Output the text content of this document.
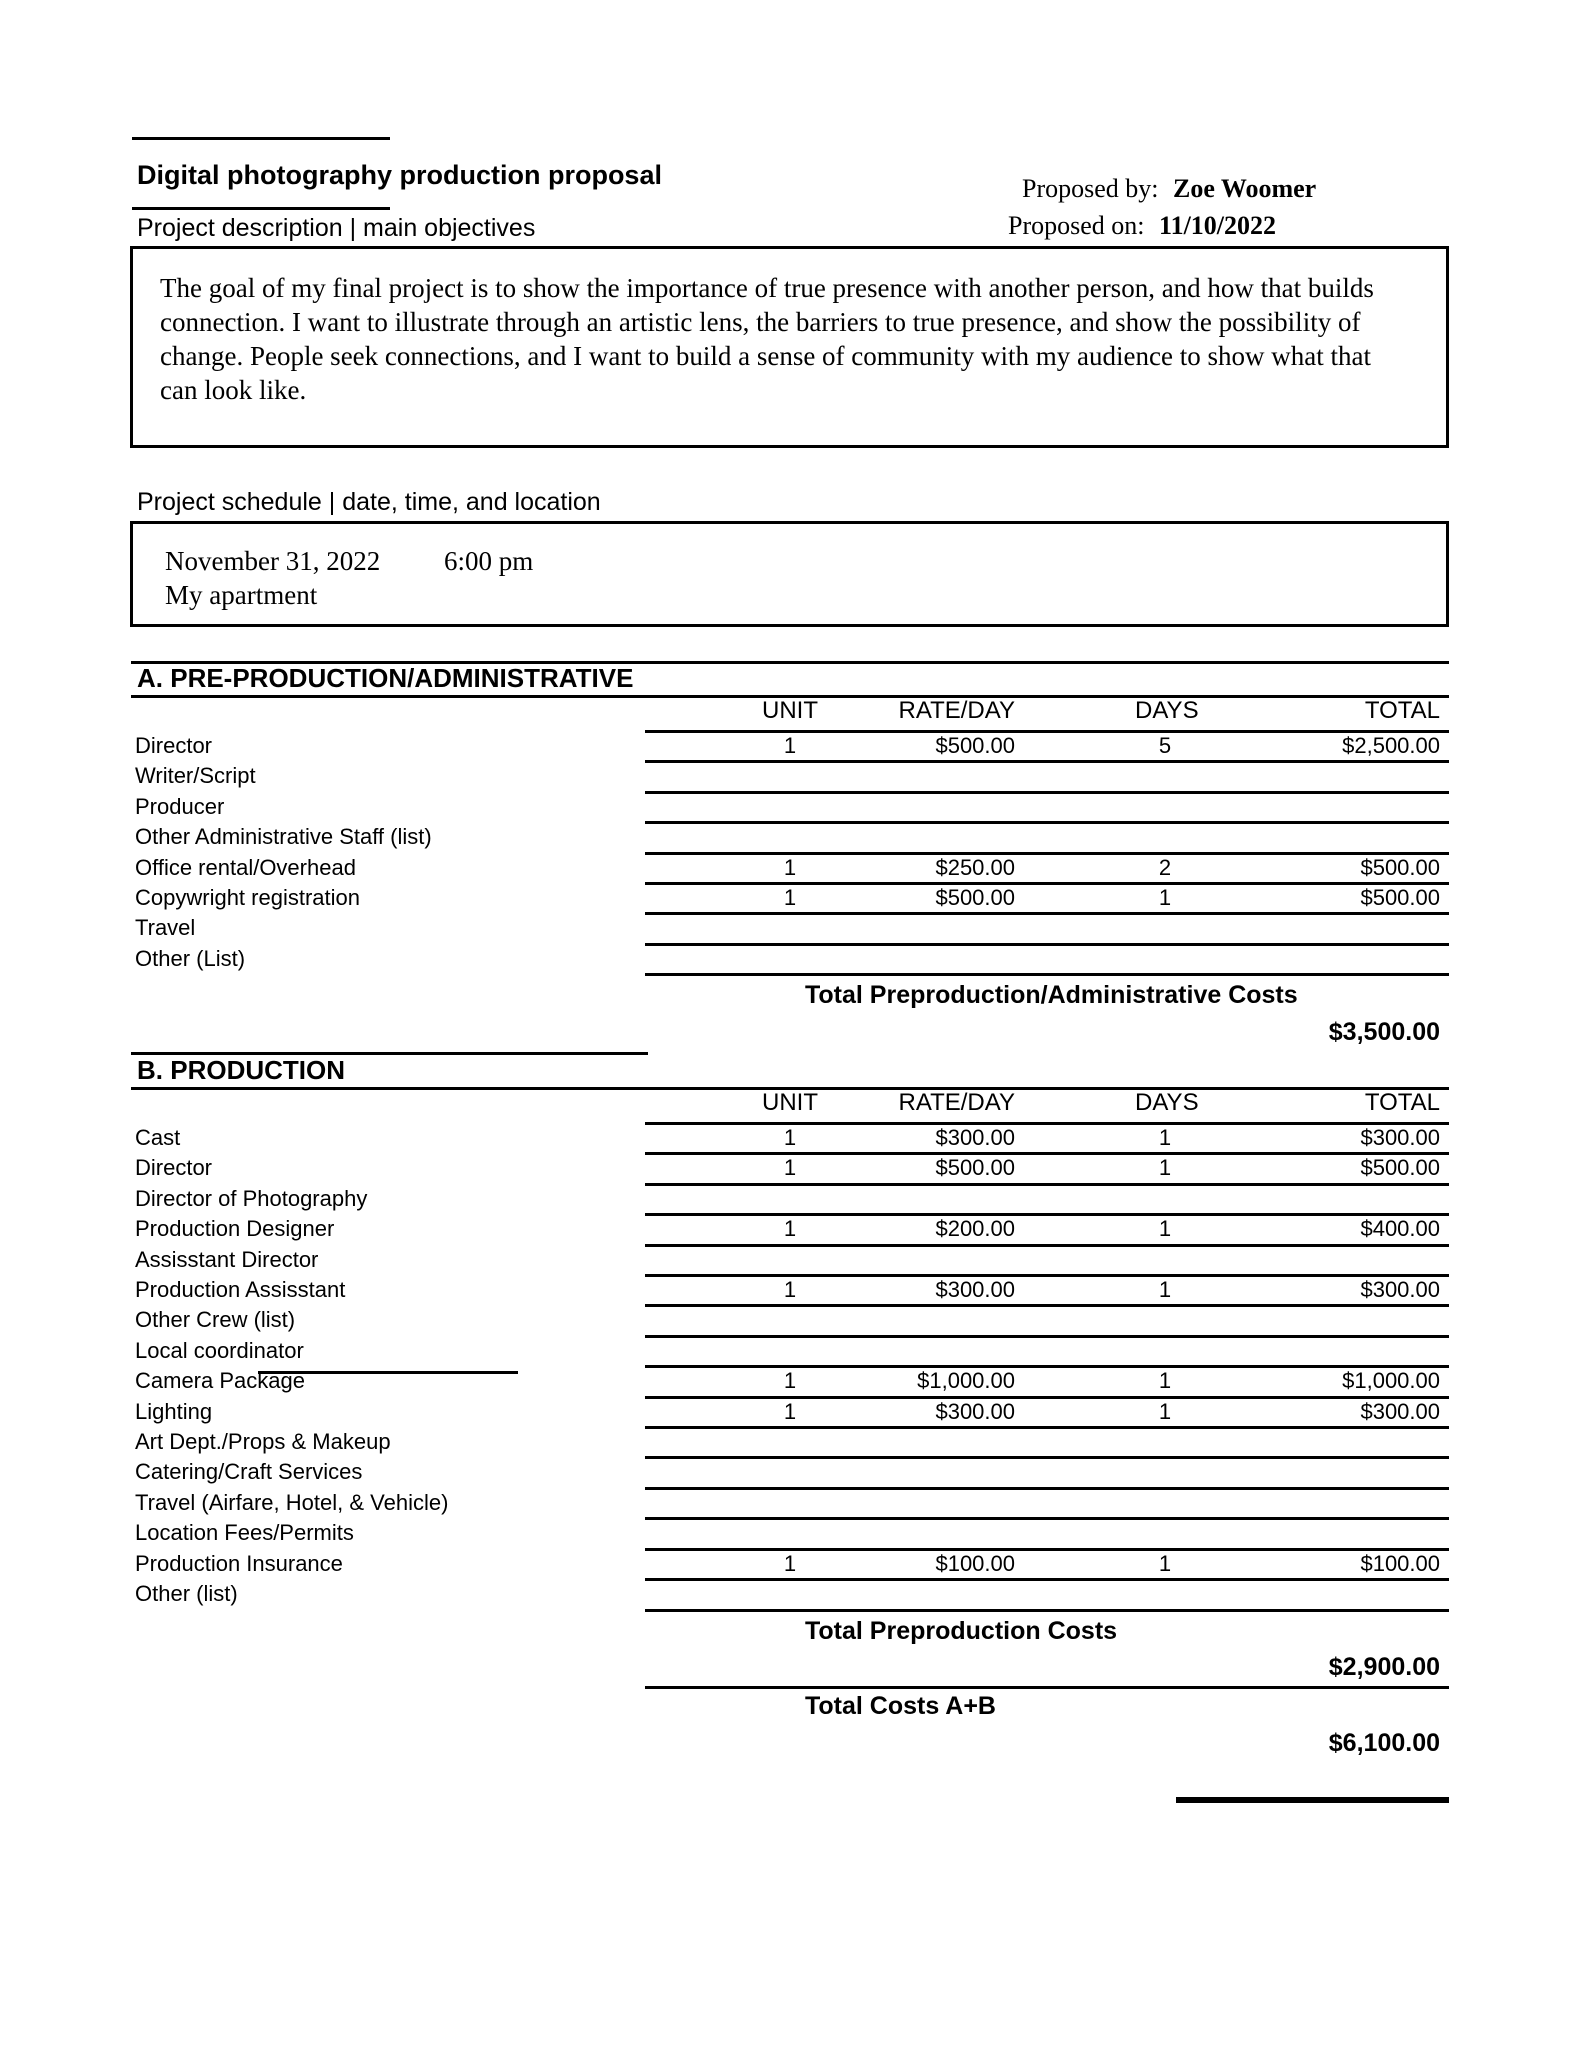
Digital photography production proposal
Project description | main objectives
Proposed by: Zoe Woomer
Proposed on: 11/10/2022
The goal of my final project is to show the importance of true presence with another person, and how that builds
connection. I want to illustrate through an artistic lens, the barriers to true presence, and show the possibility of
change. People seek connections, and I want to build a sense of community with my audience to show what that
can look like.
Project schedule | date, time, and location
November 31, 2022 6:00 pm
My apartment
A. PRE-PRODUCTION/ADMINISTRATIVE
UNIT	RATE/DAY	DAYS	TOTAL
Director	1	$500.00	5	$2,500.00
Writer/Script
Producer
Other Administrative Staff (list)
Office rental/Overhead	1	$250.00	2	$500.00
Copywright registration	1	$500.00	1	$500.00
Travel
Other (List)
Total Preproduction/Administrative Costs
$3,500.00
B. PRODUCTION
UNIT	RATE/DAY	DAYS	TOTAL
Cast	1	$300.00	1	$300.00
Director	1	$500.00	1	$500.00
Director of Photography
Production Designer	1	$200.00	1	$400.00
Assisstant Director
Production Assisstant	1	$300.00	1	$300.00
Other Crew (list)
Local coordinator
Camera Package	1	$1,000.00	1	$1,000.00
Lighting	1	$300.00	1	$300.00
Art Dept./Props & Makeup
Catering/Craft Services
Travel (Airfare, Hotel, & Vehicle)
Location Fees/Permits
Production Insurance	1	$100.00	1	$100.00
Other (list)
Total Preproduction Costs
$2,900.00
Total Costs A+B
$6,100.00
